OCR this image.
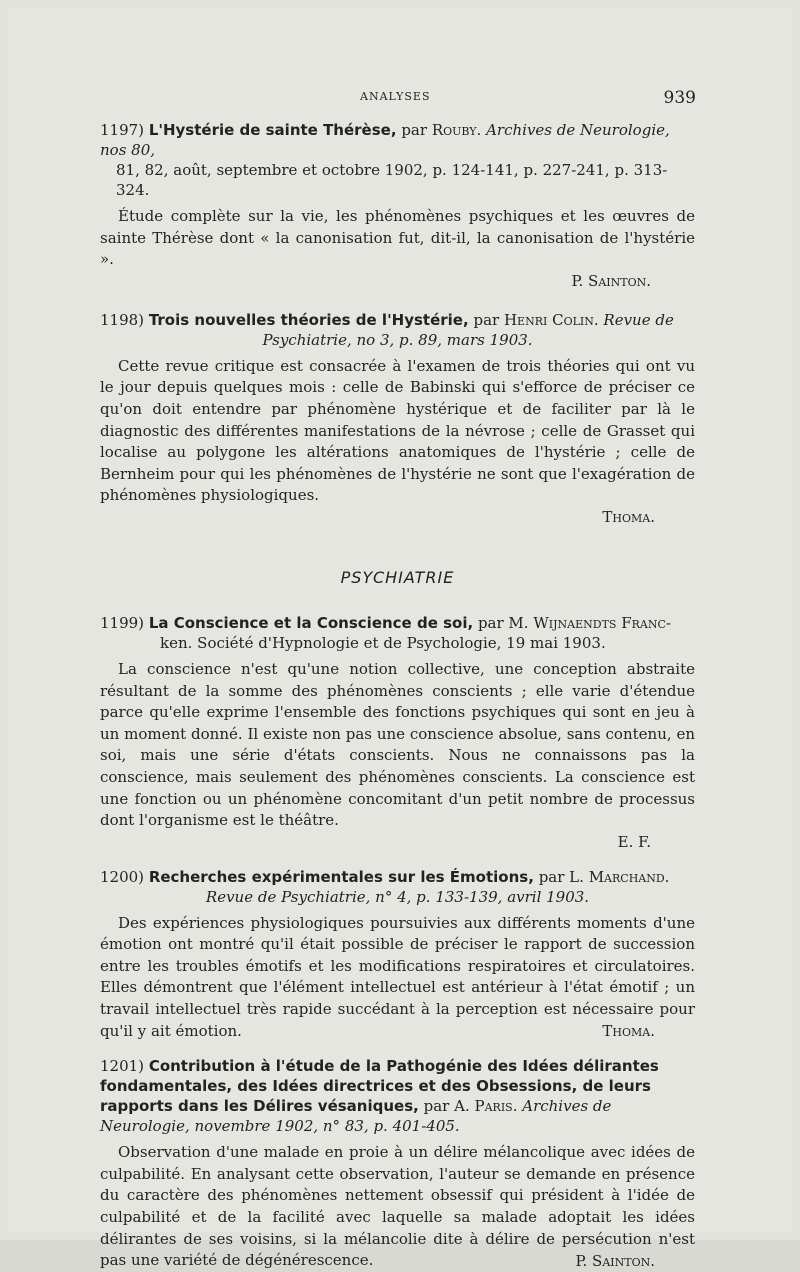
ANALYSES	939
1197) L'Hystérie de sainte Thérèse, par Rouby. Archives de Neurologie, nos 80,
81, 82, août, septembre et octobre 1902, p. 124-141, p. 227-241, p. 313-324.

Étude complète sur la vie, les phénomènes psychiques et les œuvres de sainte Thérèse dont « la canonisation fut, dit-il, la canonisation de l'hystérie ».

P. Sainton.
1198) Trois nouvelles théories de l'Hystérie, par Henri Colin. Revue de
Psychiatrie, no 3, p. 89, mars 1903.

Cette revue critique est consacrée à l'examen de trois théories qui ont vu le jour depuis quelques mois : celle de Babinski qui s'efforce de préciser ce qu'on doit entendre par phénomène hystérique et de faciliter par là le diagnostic des différentes manifestations de la névrose ; celle de Grasset qui localise au polygone les altérations anatomiques de l'hystérie ; celle de Bernheim pour qui les phénomènes de l'hystérie ne sont que l'exagération de phénomènes physiologiques.

Thoma.
PSYCHIATRIE
1199) La Conscience et la Conscience de soi, par M. Wijnaendts Franc-
ken. Société d'Hypnologie et de Psychologie, 19 mai 1903.

La conscience n'est qu'une notion collective, une conception abstraite résultant de la somme des phénomènes conscients ; elle varie d'étendue parce qu'elle exprime l'ensemble des fonctions psychiques qui sont en jeu à un moment donné. Il existe non pas une conscience absolue, sans contenu, en soi, mais une série d'états conscients. Nous ne connaissons pas la conscience, mais seulement des phénomènes conscients. La conscience est une fonction ou un phénomène concomitant d'un petit nombre de processus dont l'organisme est le théâtre.

E. F.
1200) Recherches expérimentales sur les Émotions, par L. Marchand.
Revue de Psychiatrie, n° 4, p. 133-139, avril 1903.

Des expériences physiologiques poursuivies aux différents moments d'une émotion ont montré qu'il était possible de préciser le rapport de succession entre les troubles émotifs et les modifications respiratoires et circulatoires. Elles démontrent que l'élément intellectuel est antérieur à l'état émotif ; un travail intellectuel très rapide succédant à la perception est nécessaire pour qu'il y ait émotion.	Thoma.
1201) Contribution à l'étude de la Pathogénie des Idées délirantes fondamentales, des Idées directrices et des Obsessions, de leurs rapports dans les Délires vésaniques, par A. Paris. Archives de Neurologie, novembre 1902, n° 83, p. 401-405.

Observation d'une malade en proie à un délire mélancolique avec idées de culpabilité. En analysant cette observation, l'auteur se demande en présence du caractère des phénomènes nettement obsessif qui président à l'idée de culpabilité et de la facilité avec laquelle sa malade adoptait les idées délirantes de ses voisins, si la mélancolie dite à délire de persécution n'est pas une variété de dégénérescence.	P. Sainton.
